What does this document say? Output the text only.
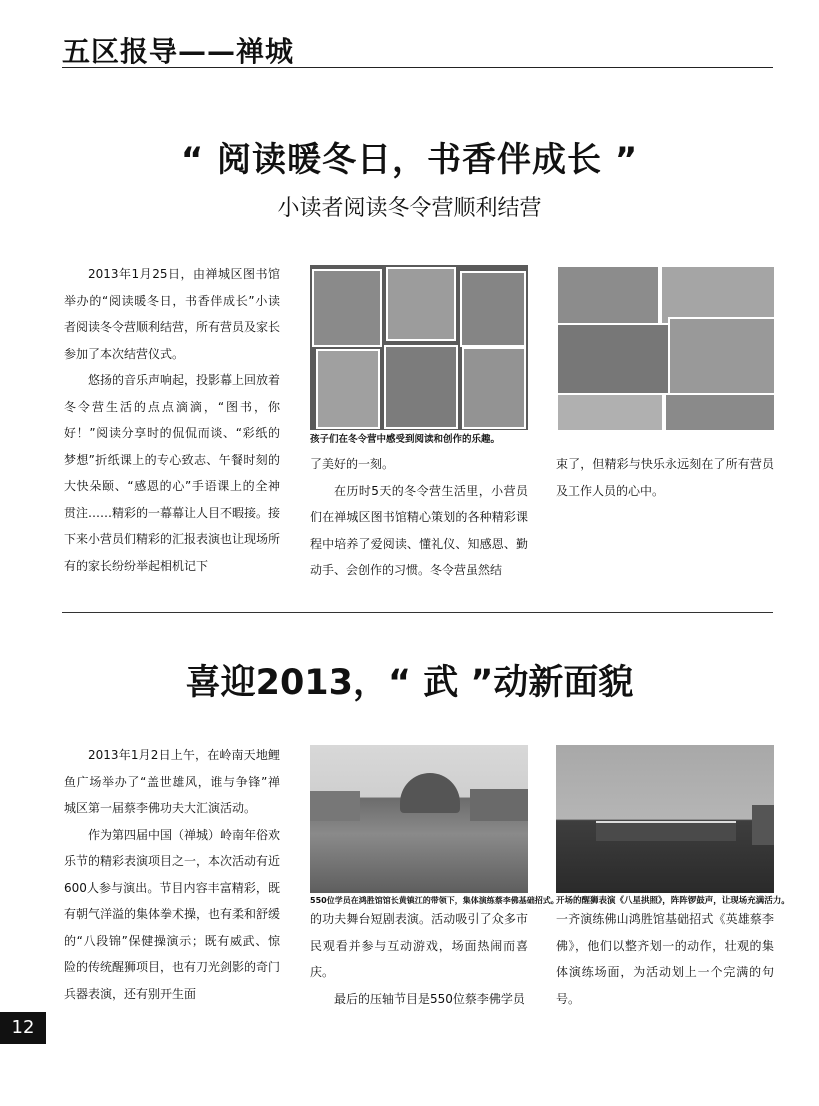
五区报导——禅城
“ 阅读暖冬日，书香伴成长 ”
小读者阅读冬令营顺利结营

2013年1月25日，由禅城区图书馆举办的“阅读暖冬日，书香伴成长”小读者阅读冬令营顺利结营，所有营员及家长参加了本次结营仪式。

悠扬的音乐声响起，投影幕上回放着冬令营生活的点点滴滴，“图书，你好！”阅读分享时的侃侃而谈、“彩纸的梦想”折纸课上的专心致志、午餐时刻的大快朵颐、“感恩的心”手语课上的全神贯注……精彩的一幕幕让人目不暇接。接下来小营员们精彩的汇报表演也让现场所有的家长纷纷举起相机记下

孩子们在冬令营中感受到阅读和创作的乐趣。

了美好的一刻。

在历时5天的冬令营生活里，小营员们在禅城区图书馆精心策划的各种精彩课程中培养了爱阅读、懂礼仪、知感恩、勤动手、会创作的习惯。冬令营虽然结

束了，但精彩与快乐永远刻在了所有营员及工作人员的心中。

喜迎2013，“ 武 ”动新面貌

2013年1月2日上午，在岭南天地鲤鱼广场举办了“盖世雄风，谁与争锋”禅城区第一届蔡李佛功夫大汇演活动。

作为第四届中国（禅城）岭南年俗欢乐节的精彩表演项目之一，本次活动有近600人参与演出。节目内容丰富精彩，既有朝气洋溢的集体拳术操，也有柔和舒缓的“八段锦”保健操演示；既有威武、惊险的传统醒狮项目，也有刀光剑影的奇门兵器表演，还有别开生面

550位学员在鸿胜馆馆长黄镇江的带领下，集体演练蔡李佛基础招式。

的功夫舞台短剧表演。活动吸引了众多市民观看并参与互动游戏，场面热闹而喜庆。

最后的压轴节目是550位蔡李佛学员

开场的醒狮表演《八星拱照》，阵阵锣鼓声，让现场充满活力。

一齐演练佛山鸿胜馆基础招式《英雄蔡李佛》，他们以整齐划一的动作，壮观的集体演练场面，为活动划上一个完满的句号。

12
